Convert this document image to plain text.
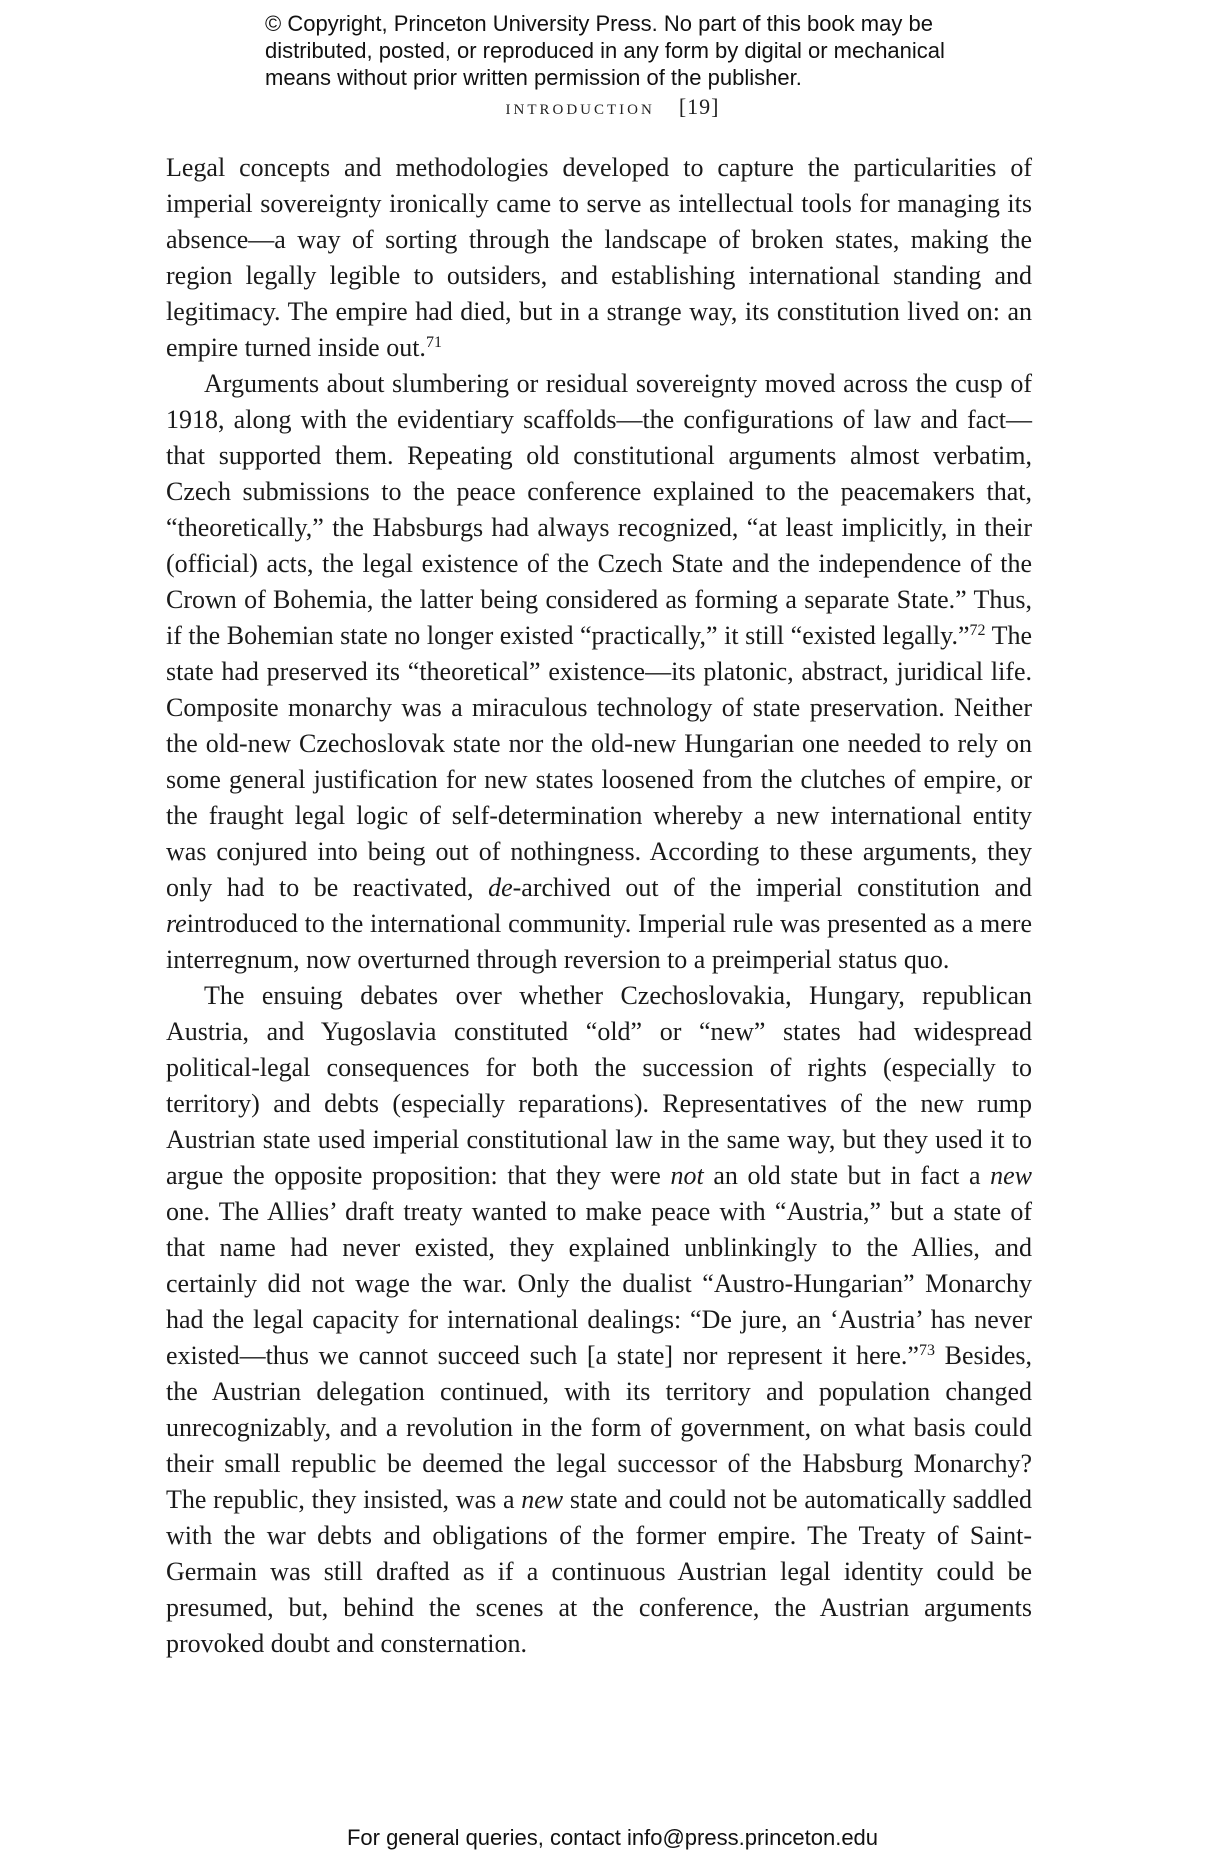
© Copyright, Princeton University Press. No part of this book may be
distributed, posted, or reproduced in any form by digital or mechanical
means without prior written permission of the publisher.
introduction [19]

Legal concepts and methodologies developed to capture the particularities of imperial sovereignty ironically came to serve as intellectual tools for managing its absence—a way of sorting through the landscape of broken states, making the region legally legible to outsiders, and establishing international standing and legitimacy. The empire had died, but in a strange way, its constitution lived on: an empire turned inside out.$^{71}$

Arguments about slumbering or residual sovereignty moved across the cusp of 1918, along with the evidentiary scaffolds—the configurations of law and fact—that supported them. Repeating old constitutional arguments almost verbatim, Czech submissions to the peace conference explained to the peacemakers that, “theoretically,” the Habsburgs had always recognized, “at least implicitly, in their (official) acts, the legal existence of the Czech State and the independence of the Crown of Bohemia, the latter being considered as forming a separate State.” Thus, if the Bohemian state no longer existed “practically,” it still “existed legally.”$^{72}$ The state had preserved its “theoretical” existence—its platonic, abstract, juridical life. Composite monarchy was a miraculous technology of state preservation. Neither the old-new Czechoslovak state nor the old-new Hungarian one needed to rely on some general justification for new states loosened from the clutches of empire, or the fraught legal logic of self-determination whereby a new international entity was conjured into being out of nothingness. According to these arguments, they only had to be reactivated, de-archived out of the imperial constitution and reintroduced to the international community. Imperial rule was presented as a mere interregnum, now overturned through reversion to a preimperial status quo.

The ensuing debates over whether Czechoslovakia, Hungary, republican Austria, and Yugoslavia constituted “old” or “new” states had widespread political-legal consequences for both the succession of rights (especially to territory) and debts (especially reparations). Representatives of the new rump Austrian state used imperial constitutional law in the same way, but they used it to argue the opposite proposition: that they were not an old state but in fact a new one. The Allies’ draft treaty wanted to make peace with “Austria,” but a state of that name had never existed, they explained unblinkingly to the Allies, and certainly did not wage the war. Only the dualist “Austro-Hungarian” Monarchy had the legal capacity for international dealings: “De jure, an ‘Austria’ has never existed—thus we cannot succeed such [a state] nor represent it here.”$^{73}$ Besides, the Austrian delegation continued, with its territory and population changed unrecognizably, and a revolution in the form of government, on what basis could their small republic be deemed the legal successor of the Habsburg Monarchy? The republic, they insisted, was a new state and could not be automatically saddled with the war debts and obligations of the former empire. The Treaty of Saint-Germain was still drafted as if a continuous Austrian legal identity could be presumed, but, behind the scenes at the conference, the Austrian arguments provoked doubt and consternation.

For general queries, contact info@press.princeton.edu
